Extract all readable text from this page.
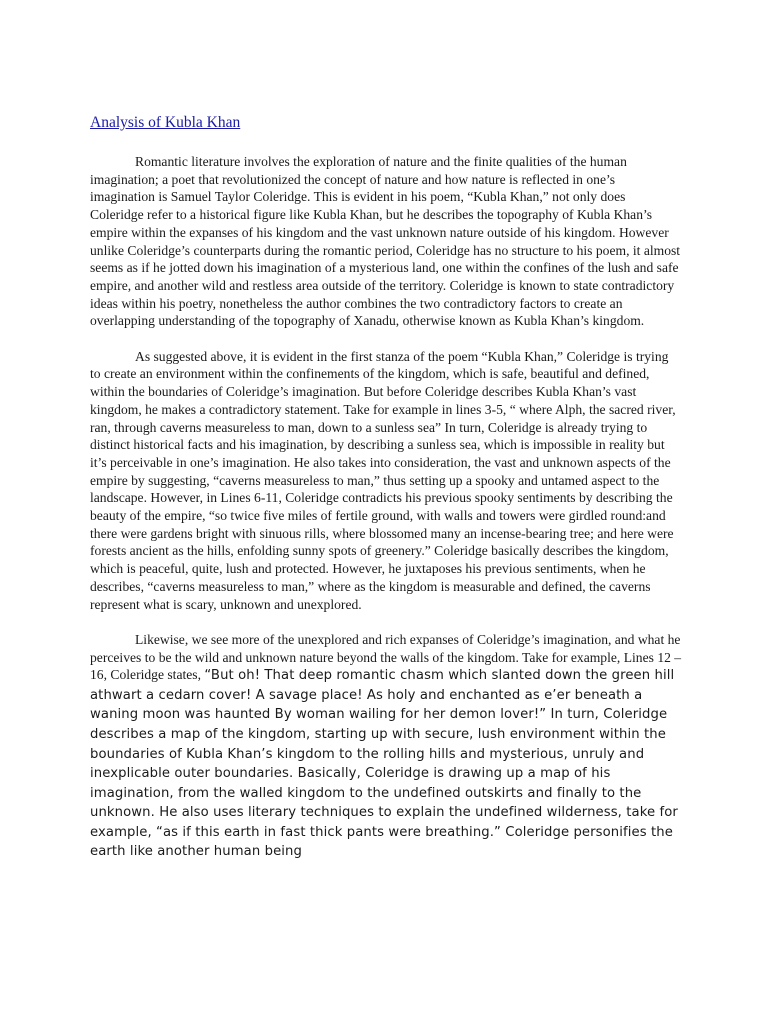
Analysis of Kubla Khan

Romantic literature involves the exploration of nature and the finite qualities of the human imagination; a poet that revolutionized the concept of nature and how nature is reflected in one’s imagination is Samuel Taylor Coleridge. This is evident in his poem, “Kubla Khan,” not only does Coleridge refer to a historical figure like Kubla Khan, but he describes the topography of Kubla Khan’s empire within the expanses of his kingdom and the vast unknown nature outside of his kingdom. However unlike Coleridge’s counterparts during the romantic period, Coleridge has no structure to his poem, it almost seems as if he jotted down his imagination of a mysterious land, one within the confines of the lush and safe empire, and another wild and restless area outside of the territory. Coleridge is known to state contradictory ideas within his poetry, nonetheless the author combines the two contradictory factors to create an overlapping understanding of the topography of Xanadu, otherwise known as Kubla Khan’s kingdom.

As suggested above, it is evident in the first stanza of the poem “Kubla Khan,” Coleridge is trying to create an environment within the confinements of the kingdom, which is safe, beautiful and defined, within the boundaries of Coleridge’s imagination. But before Coleridge describes Kubla Khan’s vast kingdom, he makes a contradictory statement. Take for example in lines 3-5, “ where Alph, the sacred river, ran, through caverns measureless to man, down to a sunless sea” In turn, Coleridge is already trying to distinct historical facts and his imagination, by describing a sunless sea, which is impossible in reality but it’s perceivable in one’s imagination. He also takes into consideration, the vast and unknown aspects of the empire by suggesting, “caverns measureless to man,” thus setting up a spooky and untamed aspect to the landscape. However, in Lines 6-11, Coleridge contradicts his previous spooky sentiments by describing the beauty of the empire, “so twice five miles of fertile ground, with walls and towers were girdled round:and there were gardens bright with sinuous rills, where blossomed many an incense-bearing tree; and here were forests ancient as the hills, enfolding sunny spots of greenery.” Coleridge basically describes the kingdom, which is peaceful, quite, lush and protected. However, he juxtaposes his previous sentiments, when he describes, “caverns measureless to man,” where as the kingdom is measurable and defined, the caverns represent what is scary, unknown and unexplored.

Likewise, we see more of the unexplored and rich expanses of Coleridge’s imagination, and what he perceives to be the wild and unknown nature beyond the walls of the kingdom. Take for example, Lines 12 – 16, Coleridge states, “But oh! That deep romantic chasm which slanted down the green hill athwart a cedarn cover! A savage place! As holy and enchanted as e’er beneath a waning moon was haunted By woman wailing for her demon lover!” In turn, Coleridge describes a map of the kingdom, starting up with secure, lush environment within the boundaries of Kubla Khan’s kingdom to the rolling hills and mysterious, unruly and inexplicable outer boundaries. Basically, Coleridge is drawing up a map of his imagination, from the walled kingdom to the undefined outskirts and finally to the unknown. He also uses literary techniques to explain the undefined wilderness, take for example, “as if this earth in fast thick pants were breathing.” Coleridge personifies the earth like another human being
